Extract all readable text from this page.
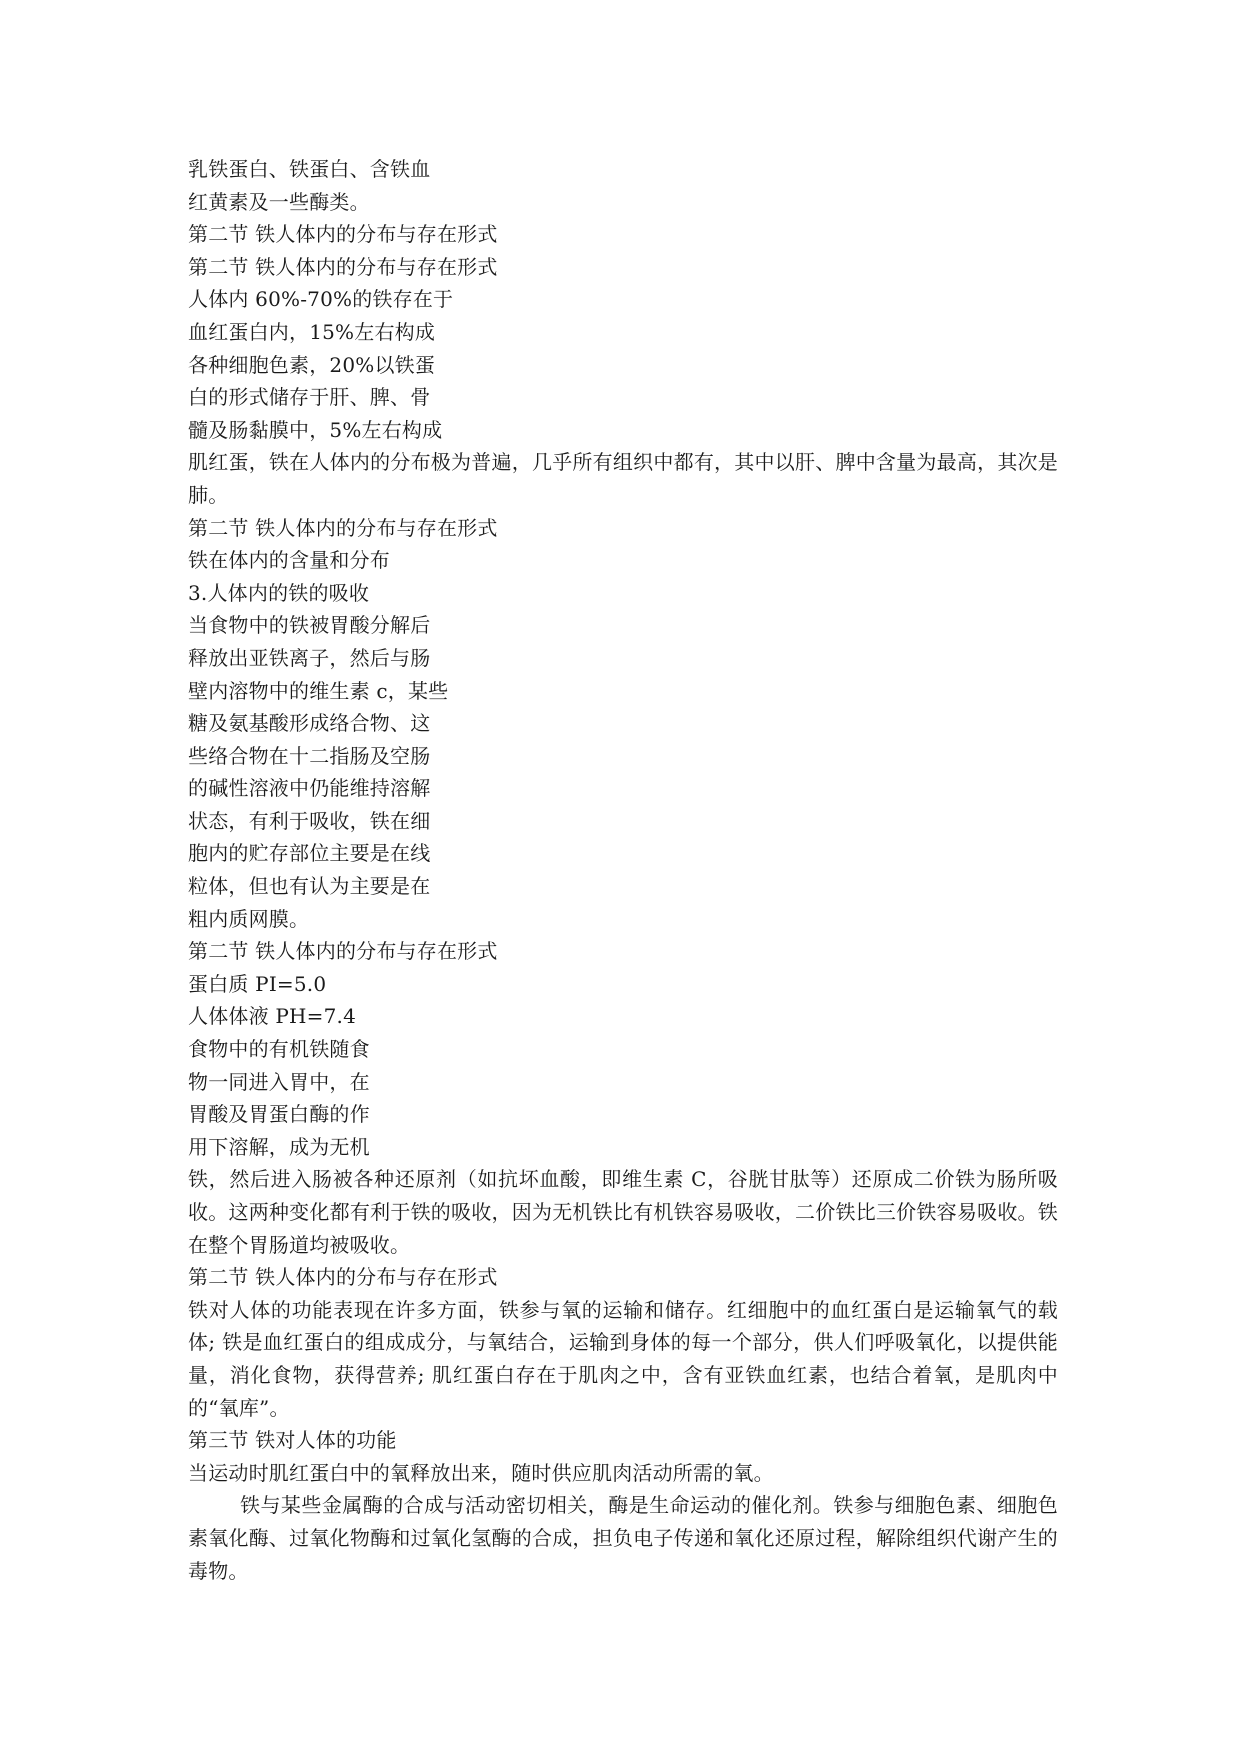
乳铁蛋白、铁蛋白、含铁血
红黄素及一些酶类。
第二节 铁人体内的分布与存在形式
第二节 铁人体内的分布与存在形式
人体内 60%-70%的铁存在于
血红蛋白内，15%左右构成
各种细胞色素，20%以铁蛋
白的形式储存于肝、脾、骨
髓及肠黏膜中，5%左右构成
肌红蛋，铁在人体内的分布极为普遍，几乎所有组织中都有，其中以肝、脾中含量为最高，其次是肺。
第二节 铁人体内的分布与存在形式
铁在体内的含量和分布
3.人体内的铁的吸收
当食物中的铁被胃酸分解后
释放出亚铁离子，然后与肠
壁内溶物中的维生素 c，某些
糖及氨基酸形成络合物、这
些络合物在十二指肠及空肠
的碱性溶液中仍能维持溶解
状态，有利于吸收，铁在细
胞内的贮存部位主要是在线
粒体，但也有认为主要是在
粗内质网膜。
第二节 铁人体内的分布与存在形式
蛋白质 PI=5.0
人体体液 PH=7.4
食物中的有机铁随食
物一同进入胃中，在
胃酸及胃蛋白酶的作
用下溶解，成为无机
铁，然后进入肠被各种还原剂（如抗坏血酸，即维生素 C，谷胱甘肽等）还原成二价铁为肠所吸收。这两种变化都有利于铁的吸收，因为无机铁比有机铁容易吸收，二价铁比三价铁容易吸收。铁在整个胃肠道均被吸收。
第二节 铁人体内的分布与存在形式
铁对人体的功能表现在许多方面，铁参与氧的运输和储存。红细胞中的血红蛋白是运输氧气的载体; 铁是血红蛋白的组成成分，与氧结合，运输到身体的每一个部分，供人们呼吸氧化，以提供能量，消化食物，获得营养; 肌红蛋白存在于肌肉之中，含有亚铁血红素，也结合着氧，是肌肉中的“氧库”。
第三节 铁对人体的功能
当运动时肌红蛋白中的氧释放出来，随时供应肌肉活动所需的氧。
铁与某些金属酶的合成与活动密切相关，酶是生命运动的催化剂。铁参与细胞色素、细胞色素氧化酶、过氧化物酶和过氧化氢酶的合成，担负电子传递和氧化还原过程，解除组织代谢产生的毒物。
